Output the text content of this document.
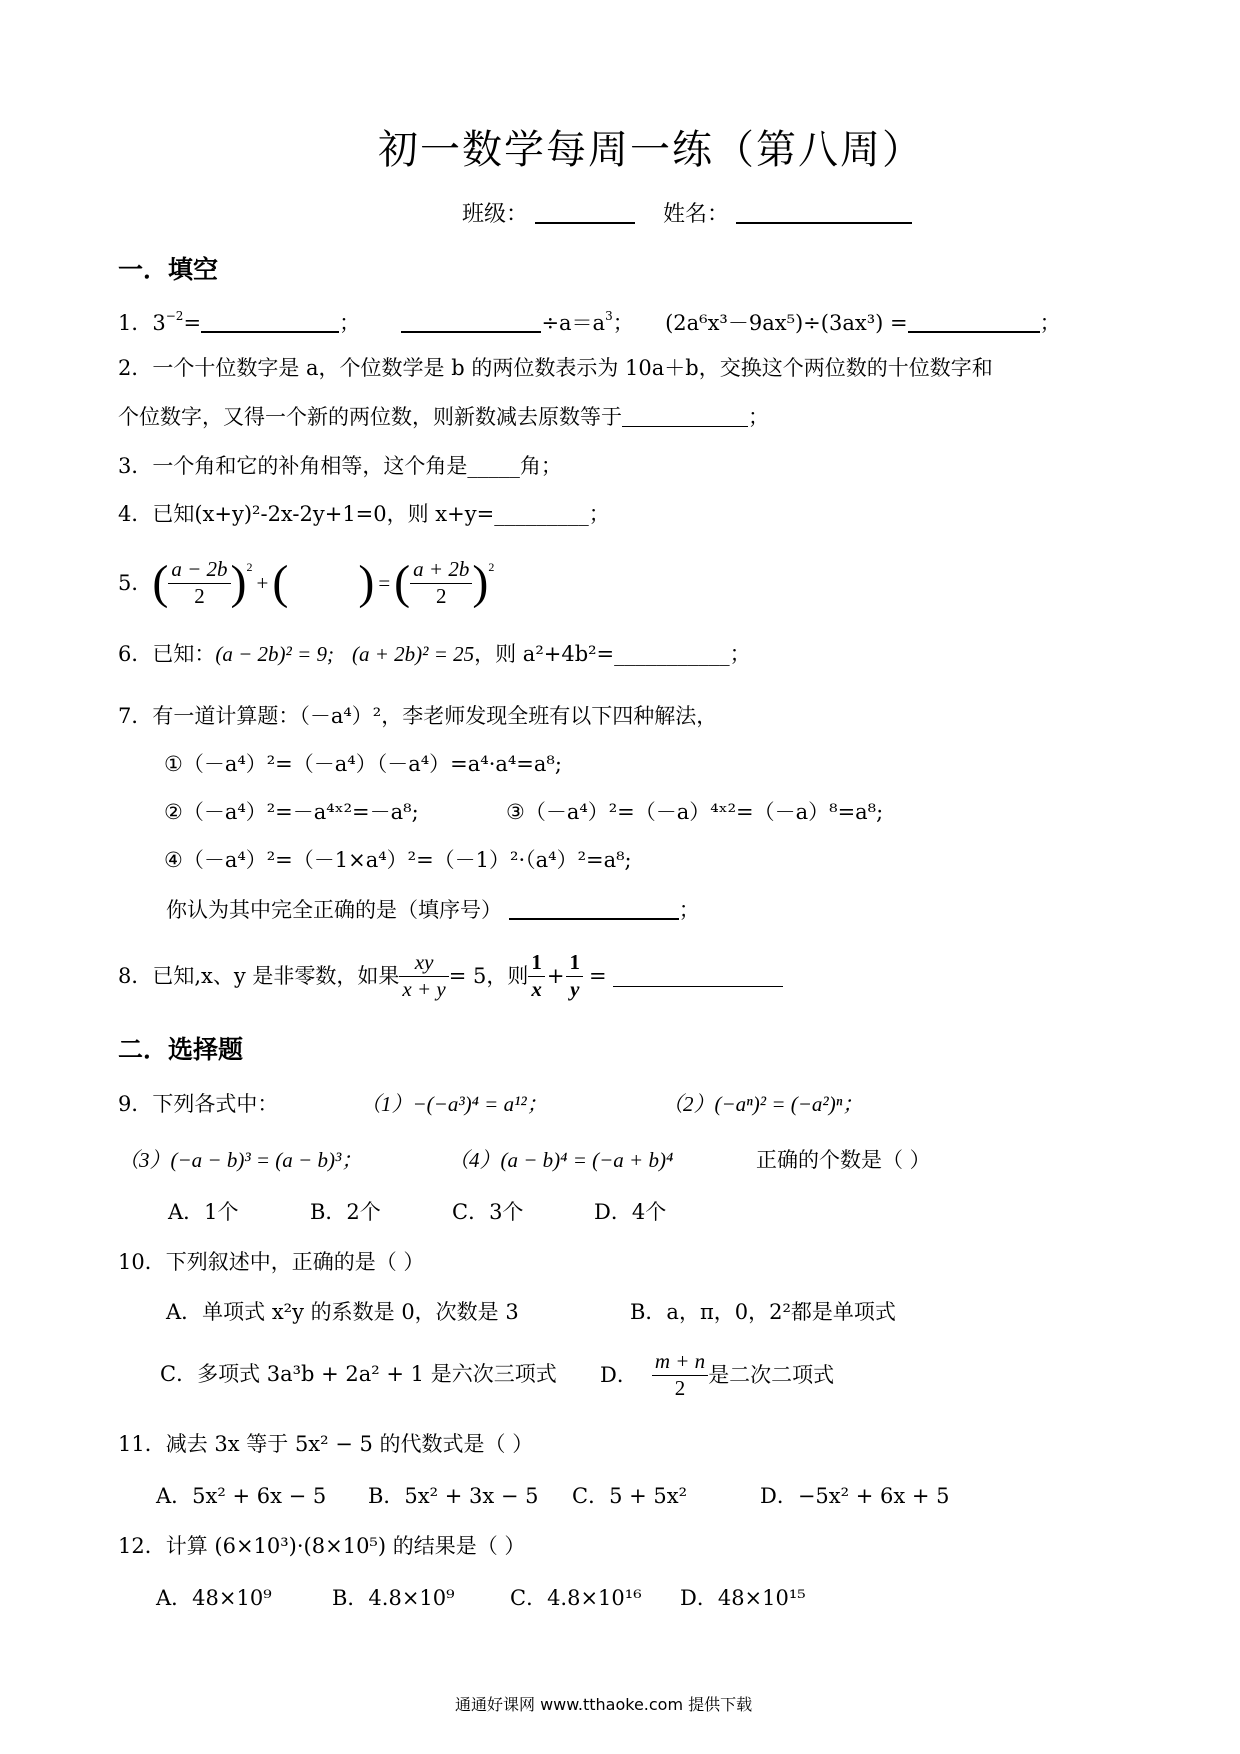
初一数学每周一练（第八周）
班级：	姓名：
一．填空
1．$3^{-2}=$	；	$\div a=a^3$； (2a⁶x³－9ax⁵)÷(3ax³) =	；
2．一个十位数字是 a，个位数学是 b 的两位数表示为 10a＋b，交换这个两位数的十位数字和
个位数字，又得一个新的两位数，则新数减去原数等于	；
3．一个角和它的补角相等，这个角是_____角；
4．已知(x+y)²-2x-2y+1=0，则 x+y=_________；
5． ( $\frac{a - 2b}{2}$ ) 2
+ ( ) = ( $\frac{a + 2b}{2}$ ) 2
6．已知：(a − 2b)² = 9; (a + 2b)² = 25，则 a²+4b²=___________；
7．有一道计算题：（－a⁴）²，李老师发现全班有以下四种解法，
①（－a⁴）²=（－a⁴）（－a⁴）=a⁴·a⁴=a⁸;
②（－a⁴）²=－a⁴ˣ²=－a⁸;	③（－a⁴）²=（－a）⁴ˣ²=（－a）⁸=a⁸;
④（－a⁴）²=（－1×a⁴）²=（－1）²·（a⁴）²=a⁸;
你认为其中完全正确的是（填序号）	；
8．已知,x、y 是非零数，如果 $\frac{xy}{x + y} = 5$，则 $\frac{1}{x} + \frac{1}{y}$ =
二．选择题
9．下列各式中：	（1）−(−a³)⁴ = a¹²；	（2）(−aⁿ)² = (−a²)ⁿ；
（3）(−a − b)³ = (a − b)³；	（4）(a − b)⁴ = (−a + b)⁴	正确的个数是（ ）
A．1个	B．2个	C．3个	D．4个
10．下列叙述中，正确的是（ ）
A．单项式 x²y 的系数是 0，次数是 3	B．a，π，0，2²都是单项式
C．多项式 3a³b + 2a² + 1 是六次三项式 D． $\frac{m + n}{2}$ 是二次二项式
11．减去 3x 等于 5x² − 5 的代数式是（ ）
A．5x² + 6x − 5 B．5x² + 3x − 5 C．5 + 5x²	D．−5x² + 6x + 5
12．计算 (6×10³)·(8×10⁵) 的结果是（ ）
A．48×10⁹	B．4.8×10⁹	C．4.8×10¹⁶ D．48×10¹⁵
通通好课网 www.tthaoke.com 提供下载
